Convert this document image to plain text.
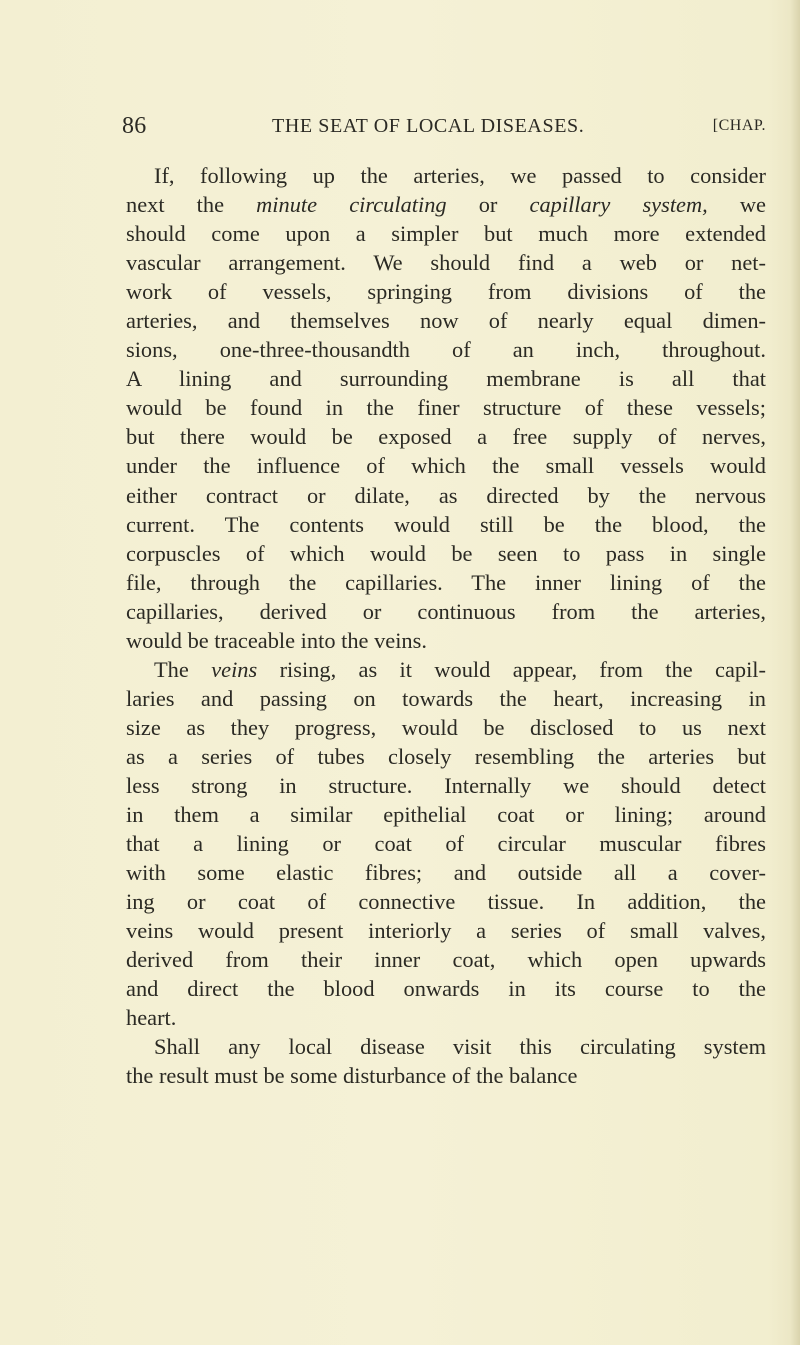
86	THE SEAT OF LOCAL DISEASES.	[CHAP.
If, following up the arteries, we passed to consider
next the minute circulating or capillary system, we
should come upon a simpler but much more extended
vascular arrangement. We should find a web or net-
work of vessels, springing from divisions of the
arteries, and themselves now of nearly equal dimen-
sions, one-three-thousandth of an inch, throughout.
A lining and surrounding membrane is all that
would be found in the finer structure of these vessels;
but there would be exposed a free supply of nerves,
under the influence of which the small vessels would
either contract or dilate, as directed by the nervous
current. The contents would still be the blood, the
corpuscles of which would be seen to pass in single
file, through the capillaries. The inner lining of the
capillaries, derived or continuous from the arteries,
would be traceable into the veins.
The veins rising, as it would appear, from the capil-
laries and passing on towards the heart, increasing in
size as they progress, would be disclosed to us next
as a series of tubes closely resembling the arteries but
less strong in structure. Internally we should detect
in them a similar epithelial coat or lining; around
that a lining or coat of circular muscular fibres
with some elastic fibres; and outside all a cover-
ing or coat of connective tissue. In addition, the
veins would present interiorly a series of small valves,
derived from their inner coat, which open upwards
and direct the blood onwards in its course to the
heart.
Shall any local disease visit this circulating system
the result must be some disturbance of the balance
